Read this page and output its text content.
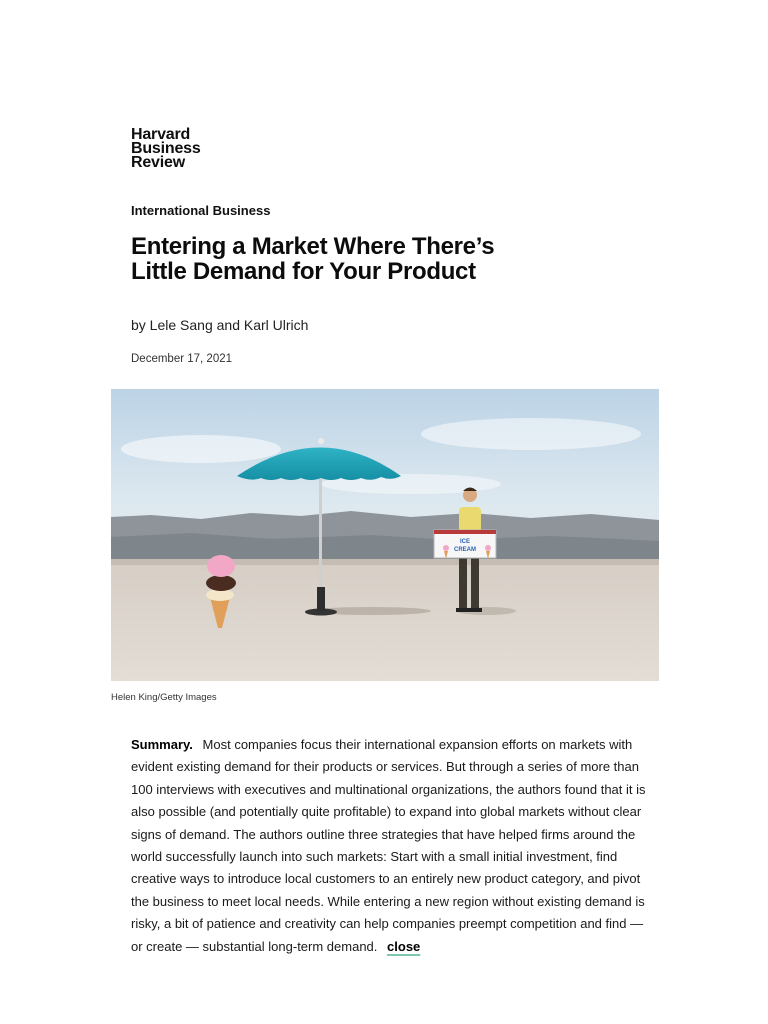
Harvard
Business
Review
International Business
Entering a Market Where There’s Little Demand for Your Product
by Lele Sang and Karl Ulrich
December 17, 2021
ICE
CREAM
Helen King/Getty Images

Summary. Most companies focus their international expansion efforts on markets with evident existing demand for their products or services. But through a series of more than 100 interviews with executives and multinational organizations, the authors found that it is also possible (and potentially quite profitable) to expand into global markets without clear signs of demand. The authors outline three strategies that have helped firms around the world successfully launch into such markets: Start with a small initial investment, find creative ways to introduce local customers to an entirely new product category, and pivot the business to meet local needs. While entering a new region without existing demand is risky, a bit of patience and creativity can help companies preempt competition and find — or create — substantial long-term demand. close
